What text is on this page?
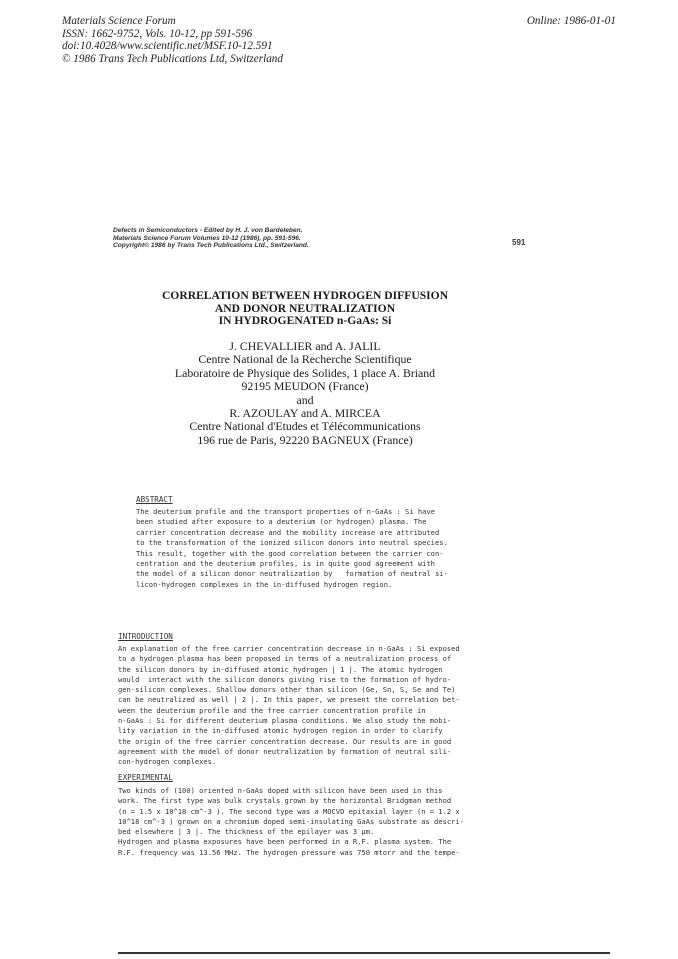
Materials Science Forum
ISSN: 1662-9752, Vols. 10-12, pp 591-596
doi:10.4028/www.scientific.net/MSF.10-12.591
© 1986 Trans Tech Publications Ltd, Switzerland
Online: 1986-01-01
Defects in Semiconductors - Edited by H. J. von Bardeleben.
Materials Science Forum Volumes 10-12 (1986), pp. 591-596.
Copyright© 1986 by Trans Tech Publications Ltd., Switzerland.	591
CORRELATION BETWEEN HYDROGEN DIFFUSION
AND DONOR NEUTRALIZATION
IN HYDROGENATED n-GaAs: Si
J. CHEVALLIER and A. JALIL
Centre National de la Recherche Scientifique
Laboratoire de Physique des Solides, 1 place A. Briand
92195 MEUDON (France)
and
R. AZOULAY and A. MIRCEA
Centre National d'Etudes et Télécommunications
196 rue de Paris, 92220 BAGNEUX (France)
ABSTRACT
The deuterium profile and the transport properties of n-GaAs : Si have
been studied after exposure to a deuterium (or hydrogen) plasma. The
carrier concentration decrease and the mobility increase are attributed
to the transformation of the ionized silicon donors into neutral species.
This result, together with the good correlation between the carrier con-
centration and the deuterium profiles, is in quite good agreement with
the model of a silicon donor neutralization by   formation of neutral si-
licon-hydrogen complexes in the in-diffused hydrogen region.
INTRODUCTION
An explanation of the free carrier concentration decrease in n-GaAs : Si exposed
to a hydrogen plasma has been proposed in terms of a neutralization process of
the silicon donors by in-diffused atomic hydrogen | 1 |. The atomic hydrogen
would  interact with the silicon donors giving rise to the formation of hydro-
gen-silicon complexes. Shallow donors other than silicon (Ge, Sn, S, Se and Te)
can be neutralized as well | 2 |. In this paper, we present the correlation bet-
ween the deuterium profile and the free carrier concentration profile in
n-GaAs : Si for different deuterium plasma conditions. We also study the mobi-
lity variation in the in-diffused atomic hydrogen region in order to clarify
the origin of the free carrier concentration decrease. Our results are in good
agreement with the model of donor neutralization by formation of neutral sili-
con-hydrogen complexes.
EXPERIMENTAL
Two kinds of (100) oriented n-GaAs doped with silicon have been used in this
work. The first type was bulk crystals grown by the horizontal Bridgman method
(n = 1.5 x 10^18 cm^-3 ). The second type was a MOCVD epitaxial layer (n = 1.2 x
10^18 cm^-3 ) grown on a chromium doped semi-insulating GaAs substrate as descri-
bed elsewhere | 3 |. The thickness of the epilayer was 3 μm.
Hydrogen and plasma exposures have been performed in a R.F. plasma system. The
R.F. frequency was 13.56 MHz. The hydrogen pressure was 750 mtorr and the tempe-
